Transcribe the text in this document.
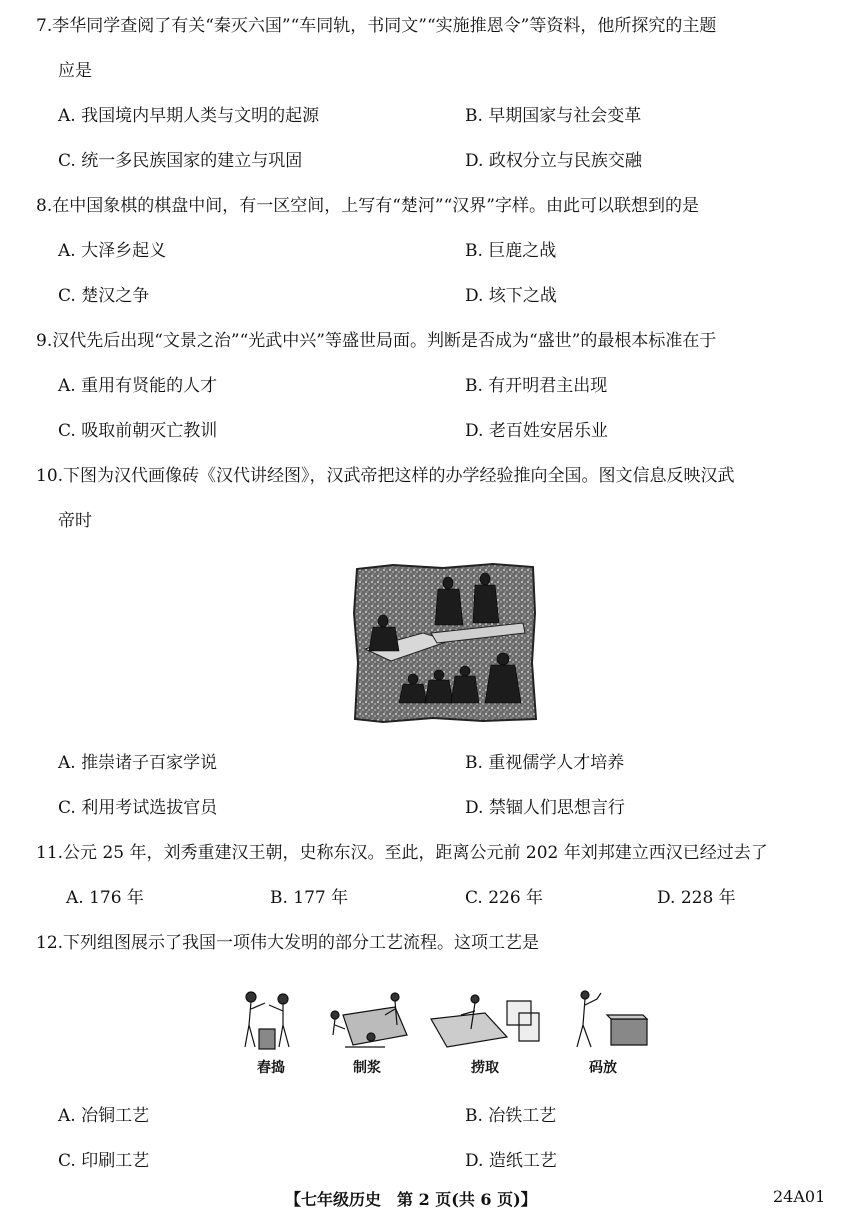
7.李华同学查阅了有关“秦灭六国”“车同轨，书同文”“实施推恩令”等资料，他所探究的主题
应是
A. 我国境内早期人类与文明的起源	B. 早期国家与社会变革
C. 统一多民族国家的建立与巩固	D. 政权分立与民族交融
8.在中国象棋的棋盘中间，有一区空间，上写有“楚河”“汉界”字样。由此可以联想到的是
A. 大泽乡起义	B. 巨鹿之战
C. 楚汉之争	D. 垓下之战
9.汉代先后出现“文景之治”“光武中兴”等盛世局面。判断是否成为“盛世”的最根本标准在于
A. 重用有贤能的人才	B. 有开明君主出现
C. 吸取前朝灭亡教训	D. 老百姓安居乐业
10.下图为汉代画像砖《汉代讲经图》，汉武帝把这样的办学经验推向全国。图文信息反映汉武
帝时
A. 推崇诸子百家学说	B. 重视儒学人才培养
C. 利用考试选拔官员	D. 禁锢人们思想言行
11.公元 25 年，刘秀重建汉王朝，史称东汉。至此，距离公元前 202 年刘邦建立西汉已经过去了
A. 176 年	B. 177 年	C. 226 年	D. 228 年
12.下列组图展示了我国一项伟大发明的部分工艺流程。这项工艺是
舂捣	制浆	捞取	码放
A. 冶铜工艺	B. 冶铁工艺
C. 印刷工艺	D. 造纸工艺
【七年级历史　第 2 页(共 6 页)】	24A01
